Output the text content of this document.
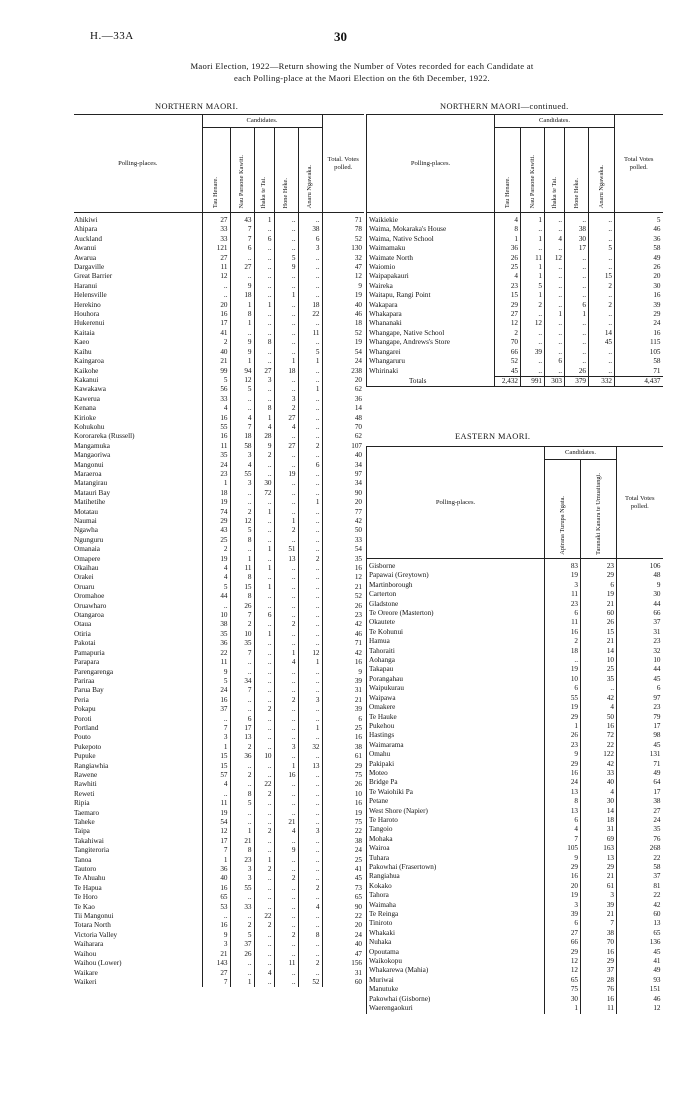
H.—33A	30
Maori Election, 1922—Return showing the Number of Votes recorded for each Candidate at
each Polling-place at the Maori Election on the 6th December, 1922.
NORTHERN MAORI.
Polling-places.	Candidates.					Total. Votes polled.
	Tau Henare.	Nau Paraone Kawiti.	Ihaka te Tai.	Hone Heke.	Anaru Ngawaka.	
Ahikiwi	27	43	1	..	..	71
Ahipara	33	7	..	..	38	78
Auckland	33	7	6	..	6	52
Awanui	121	6	..	..	3	130
Awarua	27	..	..	5	..	32
Dargaville	11	27	..	9	..	47
Great Barrier	12	..	..	..	..	12
Haranui	..	9	..	..	..	9
Helensville	..	18	..	1	..	19
Herekino	20	1	1	..	18	40
Houhora	16	8	..	..	22	46
Hukerenui	17	1	..	..	..	18
Kaitaia	41	..	..	..	11	52
Kaeo	2	9	8	..	..	19
Kaihu	40	9	..	..	5	54
Kaingaroa	21	1	..	1	1	24
Kaikohe	99	94	27	18	..	238
Kakanui	5	12	3	..	..	20
Kawakawa	56	5	..	..	1	62
Kawerua	33	..	..	3	..	36
Kenana	4	..	8	2	..	14
Kirioke	16	4	1	27	..	48
Kohukohu	55	7	4	4	..	70
Kororareka (Russell)	16	18	28	..	..	62
Mangamuka	11	58	9	27	2	107
Mangaoriwa	35	3	2	..	..	40
Mangonui	24	4	..	..	6	34
Maraeroa	23	55	..	19	..	97
Matangirau	1	3	30	..	..	34
Matauri Bay	18	..	72	..	..	90
Matihetihe	19	..	..	..	1	20
Motatau	74	2	1	..	..	77
Naumai	29	12	..	1	..	42
Ngawha	43	5	..	2	..	50
Ngunguru	25	8	..	..	..	33
Omanaia	2	..	1	51	..	54
Omapere	19	1	..	13	2	35
Okaihau	4	11	1	..	..	16
Orakei	4	8	..	..	..	12
Oruaru	5	15	1	..	..	21
Oromahoe	44	8	..	..	..	52
Oruawharo	..	26	..	..	..	26
Otangaroa	10	7	6	..	..	23
Otaua	38	2	..	2	..	42
Otiria	35	10	1	..	..	46
Pakotai	36	35	..	..	..	71
Pamapuria	22	7	..	1	12	42
Parapara	11	..	..	4	1	16
Parengarenga	9	..	..	..	..	9
Pariraa	5	34	..	..	..	39
Parua Bay	24	7	..	..	..	31
Peria	16	..	..	2	3	21
Pokapu	37	..	2	..	..	39
Poroti	..	6	..	..	..	6
Portland	7	17	..	..	1	25
Pouto	3	13	..	..	..	16
Pukepoto	1	2	..	3	32	38
Pupuke	15	36	10	..	..	61
Rangiawhia	15	..	..	1	13	29
Rawene	57	2	..	16	..	75
Rawhiti	4	..	22	..	..	26
Reweti	..	8	2	..	..	10
Ripia	11	5	..	..	..	16
Taemaro	19	..	..	..	..	19
Taheke	54	..	..	21	..	75
Taipa	12	1	2	4	3	22
Takahiwai	17	21	..	..	..	38
Tangiteroria	7	8	..	9	..	24
Tanoa	1	23	1	..	..	25
Tautoro	36	3	2	..	..	41
Te Ahuahu	40	3	..	2	..	45
Te Hapua	16	55	..	..	2	73
Te Horo	65	..	..	..	..	65
Te Kao	53	33	..	..	4	90
Tii Mangonui	..	..	22	..	..	22
Totara North	16	2	2	..	..	20
Victoria Valley	9	5	..	2	8	24
Waiharara	3	37	..	..	..	40
Waihou	21	26	..	..	..	47
Waihou (Lower)	143	..	..	11	2	156
Waikare	27	..	4	..	..	31
Waikeri	7	1	..	..	52	60
NORTHERN MAORI—continued.
Polling-places.	Candidates.					Total Votes polled.
	Tau Henare.	Nau Paraone Kawiti.	Ihaka te Tai.	Hone Heke.	Anaru Ngawaka.	
Waikiekie	4	1	..	..	..	5
Waima, Mokaraka's House	8	..	..	38	..	46
Waima, Native School	1	1	4	30	..	36
Waimamaku	36	..	..	17	5	58
Waimate North	26	11	12	..	..	49
Waiomio	25	1	..	..	..	26
Waipapakauri	4	1	..	..	15	20
Waireka	23	5	..	..	2	30
Waitapu, Rangi Point	15	1	..	..	..	16
Wakapara	29	2	..	6	2	39
Whakapara	27	..	1	1	..	29
Whananaki	12	12	..	..	..	24
Whangape, Native School	2	..	..	..	14	16
Whangape, Andrews's Store	70	..	..	..	45	115
Whangarei	66	39	..	..	..	105
Whangaruru	52	..	6	..	..	58
Whirinaki	45	..	..	26	..	71
Totals	2,432	991	303	379	332	4,437
EASTERN MAORI.
Polling-places.	Candidates.		Total Votes polled.
	Apirana Turupa Ngata.	Taranaki Kanara te Umuaitangi.	
Gisborne	83	23	106
Papawai (Greytown)	19	29	48
Martinborough	3	6	9
Carterton	11	19	30
Gladstone	23	21	44
Te Oreore (Masterton)	6	60	66
Okautete	11	26	37
Te Kohunui	16	15	31
Hamua	2	21	23
Tahoraiti	18	14	32
Aohanga	..	10	10
Takapau	19	25	44
Porangahau	10	35	45
Waipukurau	6	..	6
Waipawa	55	42	97
Omakere	19	4	23
Te Hauke	29	50	79
Pukehou	1	16	17
Hastings	26	72	98
Waimarama	23	22	45
Omahu	9	122	131
Pakipaki	29	42	71
Moteo	16	33	49
Bridge Pa	24	40	64
Te Waiohiki Pa	13	4	17
Petane	8	30	38
West Shore (Napier)	13	14	27
Te Haroto	6	18	24
Tangoio	4	31	35
Mohaka	7	69	76
Wairoa	105	163	268
Tuhara	9	13	22
Pakowhai (Frasertown)	29	29	58
Rangiahua	16	21	37
Kokako	20	61	81
Tahora	19	3	22
Waimaha	3	39	42
Te Reinga	39	21	60
Tiniroto	6	7	13
Whakaki	27	38	65
Nuhaka	66	70	136
Opoutama	29	16	45
Waikokopu	12	29	41
Whakarewa (Mahia)	12	37	49
Muriwai	65	28	93
Manutuke	75	76	151
Pakowhai (Gisborne)	30	16	46
Waerengaokuri	1	11	12
